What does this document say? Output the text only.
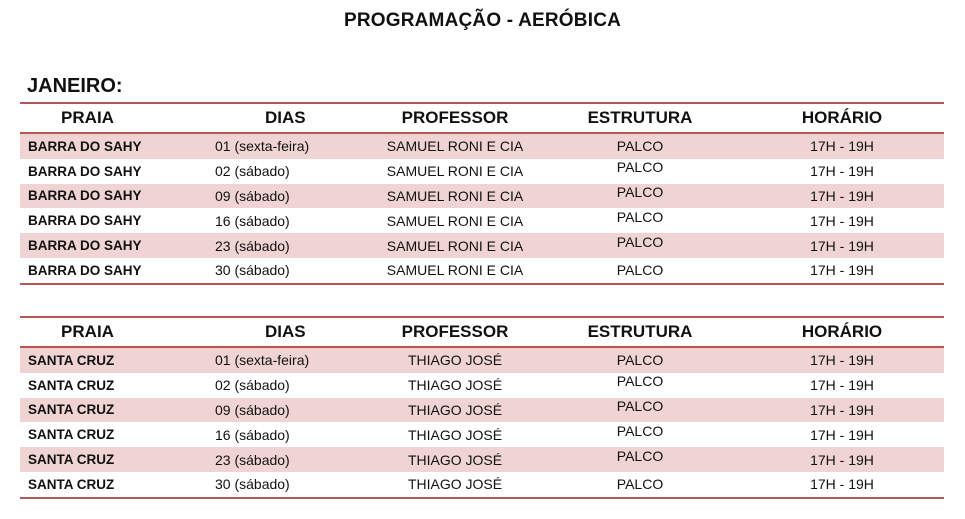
PROGRAMAÇÃO - AERÓBICA
JANEIRO:
PRAIA	DIAS	PROFESSOR	ESTRUTURA	HORÁRIO
BARRA DO SAHY	01 (sexta-feira)	SAMUEL RONI E CIA	PALCO	17H - 19H
BARRA DO SAHY	02 (sábado)	SAMUEL RONI E CIA	PALCO	17H - 19H
BARRA DO SAHY	09 (sábado)	SAMUEL RONI E CIA	PALCO	17H - 19H
BARRA DO SAHY	16 (sábado)	SAMUEL RONI E CIA	PALCO	17H - 19H
BARRA DO SAHY	23 (sábado)	SAMUEL RONI E CIA	PALCO	17H - 19H
BARRA DO SAHY	30 (sábado)	SAMUEL RONI E CIA	PALCO	17H - 19H
PRAIA	DIAS	PROFESSOR	ESTRUTURA	HORÁRIO
SANTA CRUZ	01 (sexta-feira)	THIAGO JOSÉ	PALCO	17H - 19H
SANTA CRUZ	02 (sábado)	THIAGO JOSÉ	PALCO	17H - 19H
SANTA CRUZ	09 (sábado)	THIAGO JOSÉ	PALCO	17H - 19H
SANTA CRUZ	16 (sábado)	THIAGO JOSÉ	PALCO	17H - 19H
SANTA CRUZ	23 (sábado)	THIAGO JOSÉ	PALCO	17H - 19H
SANTA CRUZ	30 (sábado)	THIAGO JOSÉ	PALCO	17H - 19H
